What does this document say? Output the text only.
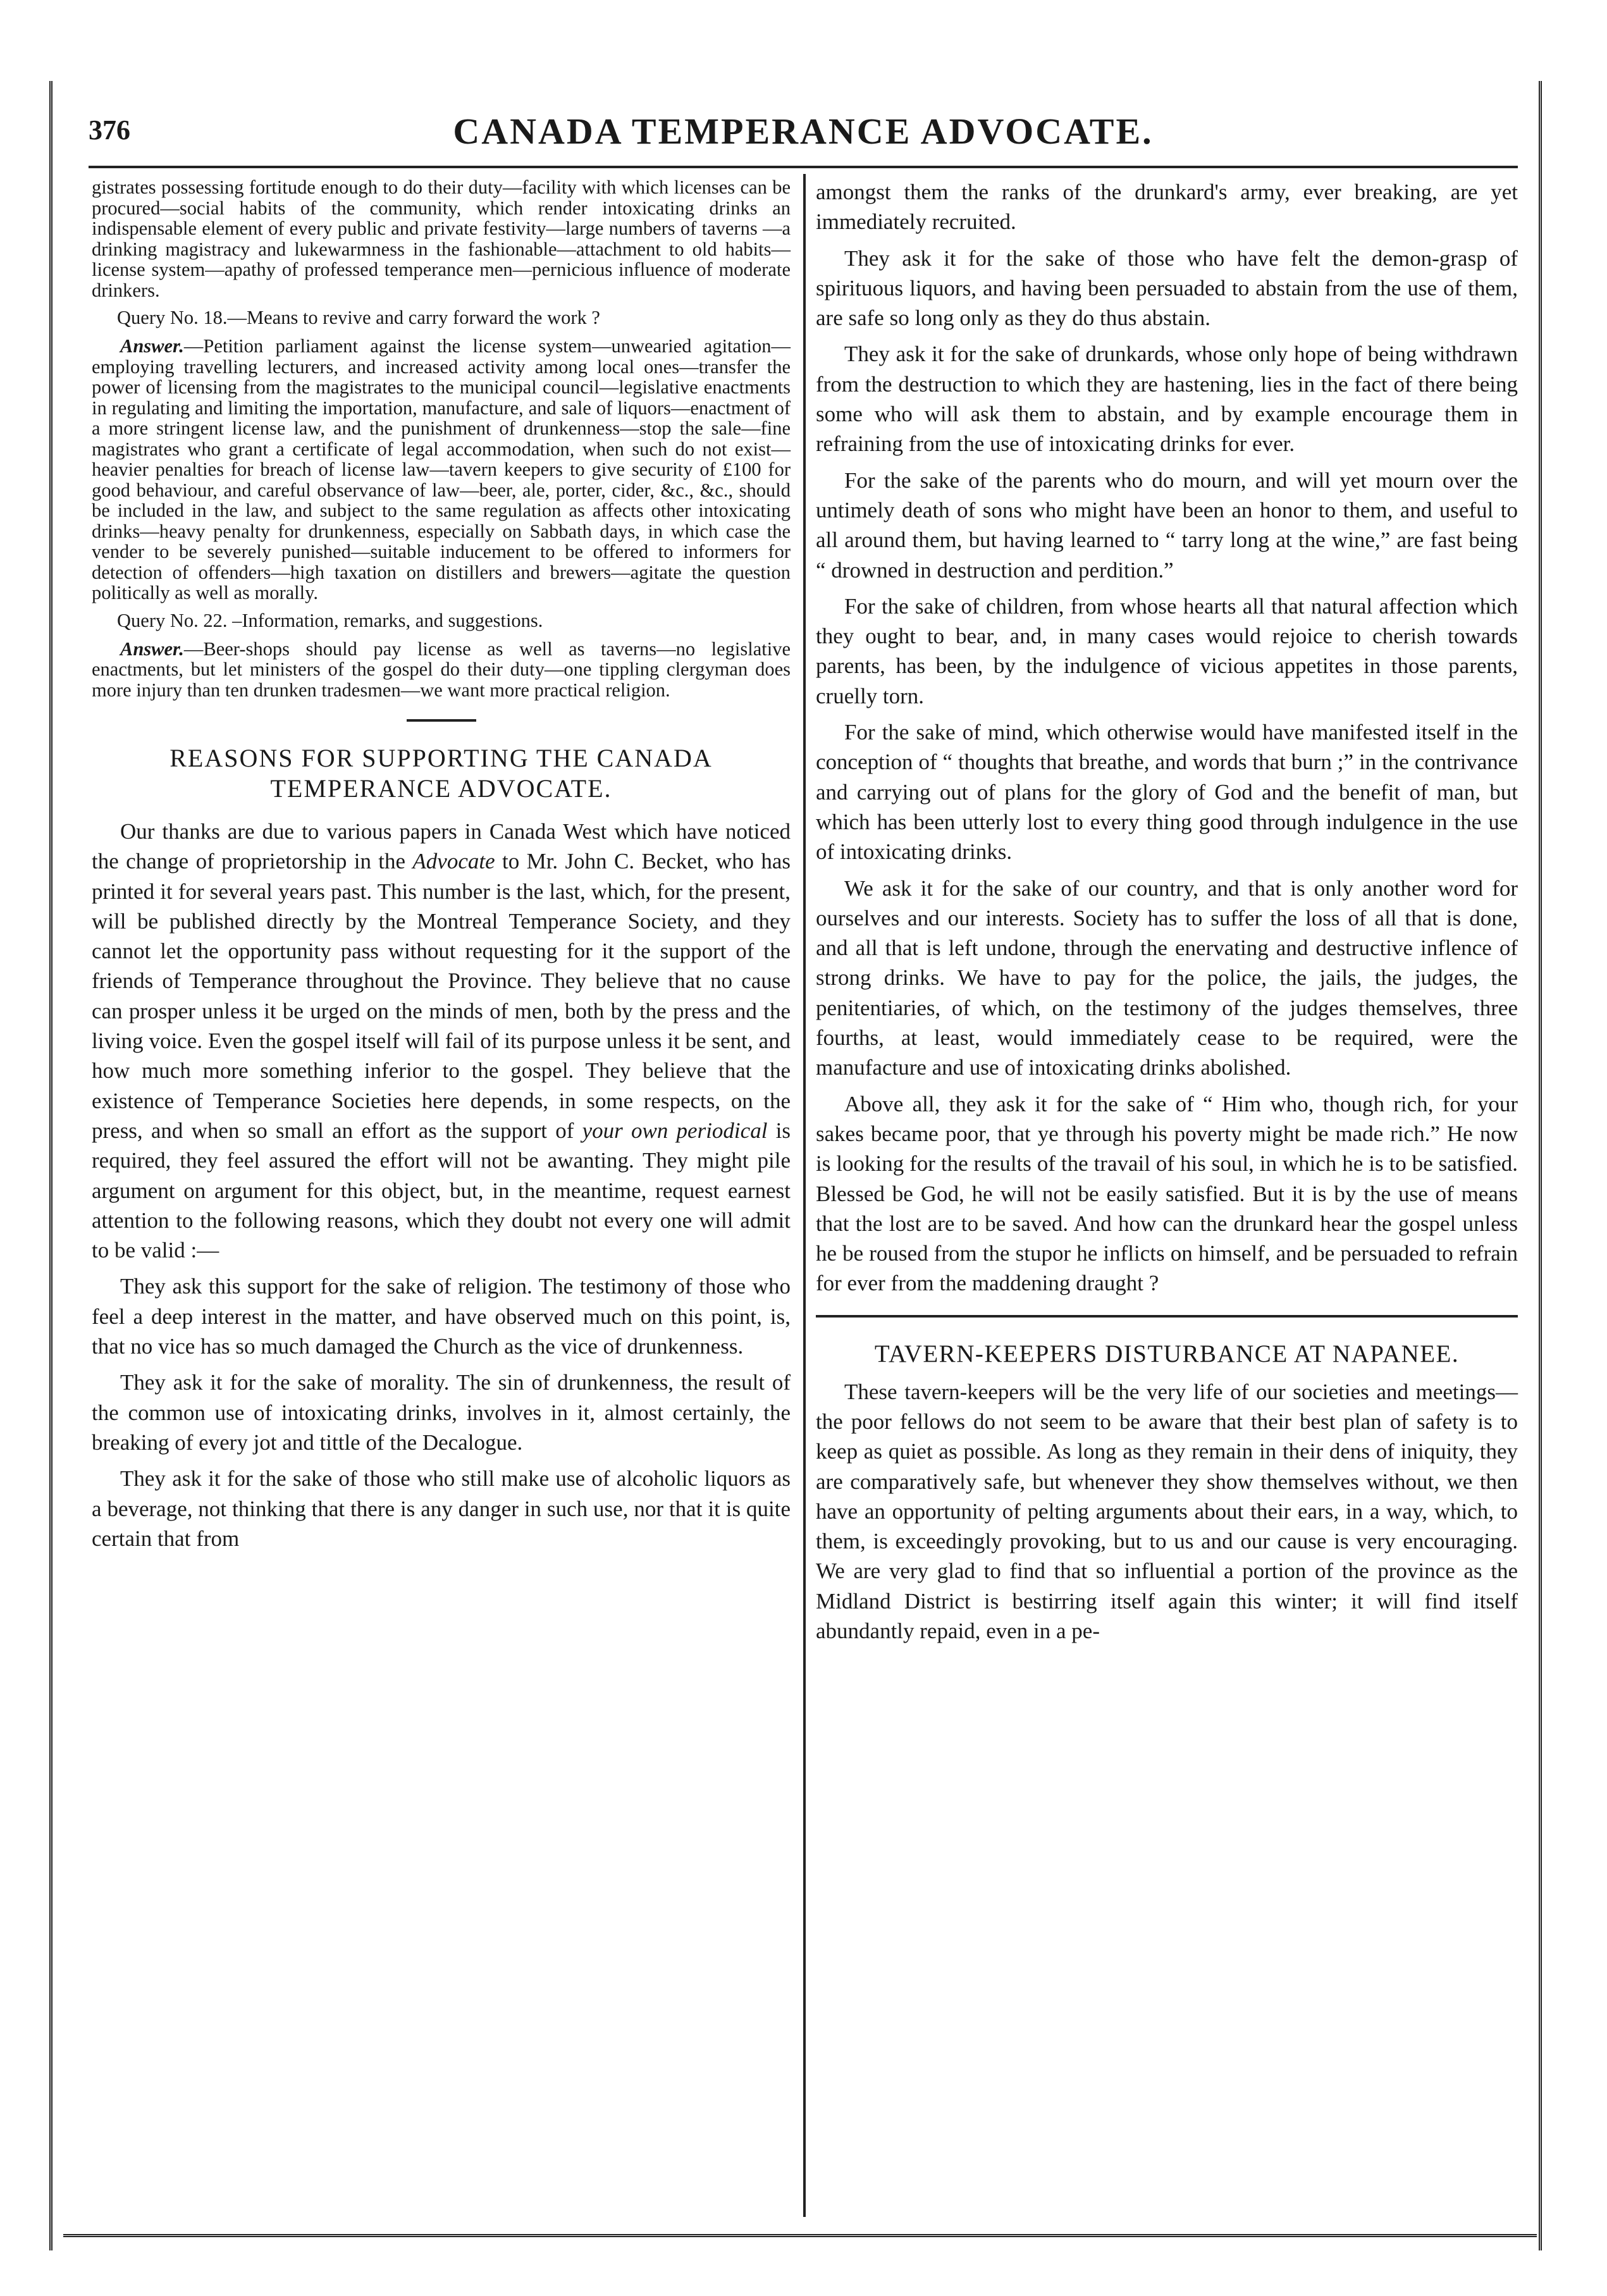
376	CANADA TEMPERANCE ADVOCATE.

gistrates possessing fortitude enough to do their duty—facility with which licenses can be procured—social habits of the community, which render intoxicating drinks an indispensable element of every public and private festivity—large numbers of taverns —a drinking magistracy and lukewarmness in the fashionable—attachment to old habits—license system—apathy of professed temperance men—pernicious influence of moderate drinkers.

Query No. 18.—Means to revive and carry forward the work ?

Answer.—Petition parliament against the license system—unwearied agitation—employing travelling lecturers, and increased activity among local ones—transfer the power of licensing from the magistrates to the municipal council—legislative enactments in regulating and limiting the importation, manufacture, and sale of liquors—enactment of a more stringent license law, and the punishment of drunkenness—stop the sale—fine magistrates who grant a certificate of legal accommodation, when such do not exist—heavier penalties for breach of license law—tavern keepers to give security of £100 for good behaviour, and careful observance of law—beer, ale, porter, cider, &c., &c., should be included in the law, and subject to the same regulation as affects other intoxicating drinks—heavy penalty for drunkenness, especially on Sabbath days, in which case the vender to be severely punished—suitable inducement to be offered to informers for detection of offenders—high taxation on distillers and brewers—agitate the question politically as well as morally.

Query No. 22. –Information, remarks, and suggestions.

Answer.—Beer-shops should pay license as well as taverns—no legislative enactments, but let ministers of the gospel do their duty—one tippling clergyman does more injury than ten drunken tradesmen—we want more practical religion.

REASONS FOR SUPPORTING THE CANADA
TEMPERANCE ADVOCATE.

Our thanks are due to various papers in Canada West which have noticed the change of proprietorship in the Advocate to Mr. John C. Becket, who has printed it for several years past. This number is the last, which, for the present, will be published directly by the Montreal Temperance Society, and they cannot let the opportunity pass without requesting for it the support of the friends of Temperance throughout the Province. They believe that no cause can prosper unless it be urged on the minds of men, both by the press and the living voice. Even the gospel itself will fail of its purpose unless it be sent, and how much more something inferior to the gospel. They believe that the existence of Temperance Societies here depends, in some respects, on the press, and when so small an effort as the support of your own periodical is required, they feel assured the effort will not be awanting. They might pile argument on argument for this object, but, in the meantime, request earnest attention to the following reasons, which they doubt not every one will admit to be valid :—

They ask this support for the sake of religion. The testimony of those who feel a deep interest in the matter, and have observed much on this point, is, that no vice has so much damaged the Church as the vice of drunkenness.

They ask it for the sake of morality. The sin of drunkenness, the result of the common use of intoxicating drinks, involves in it, almost certainly, the breaking of every jot and tittle of the Decalogue.

They ask it for the sake of those who still make use of alcoholic liquors as a beverage, not thinking that there is any danger in such use, nor that it is quite certain that from

amongst them the ranks of the drunkard's army, ever breaking, are yet immediately recruited.

They ask it for the sake of those who have felt the demon-grasp of spirituous liquors, and having been persuaded to abstain from the use of them, are safe so long only as they do thus abstain.

They ask it for the sake of drunkards, whose only hope of being withdrawn from the destruction to which they are hastening, lies in the fact of there being some who will ask them to abstain, and by example encourage them in refraining from the use of intoxicating drinks for ever.

For the sake of the parents who do mourn, and will yet mourn over the untimely death of sons who might have been an honor to them, and useful to all around them, but having learned to “ tarry long at the wine,” are fast being “ drowned in destruction and perdition.”

For the sake of children, from whose hearts all that natural affection which they ought to bear, and, in many cases would rejoice to cherish towards parents, has been, by the indulgence of vicious appetites in those parents, cruelly torn.

For the sake of mind, which otherwise would have manifested itself in the conception of “ thoughts that breathe, and words that burn ;” in the contrivance and carrying out of plans for the glory of God and the benefit of man, but which has been utterly lost to every thing good through indulgence in the use of intoxicating drinks.

We ask it for the sake of our country, and that is only another word for ourselves and our interests. Society has to suffer the loss of all that is done, and all that is left undone, through the enervating and destructive inflence of strong drinks. We have to pay for the police, the jails, the judges, the penitentiaries, of which, on the testimony of the judges themselves, three fourths, at least, would immediately cease to be required, were the manufacture and use of intoxicating drinks abolished.

Above all, they ask it for the sake of “ Him who, though rich, for your sakes became poor, that ye through his poverty might be made rich.” He now is looking for the results of the travail of his soul, in which he is to be satisfied. Blessed be God, he will not be easily satisfied. But it is by the use of means that the lost are to be saved. And how can the drunkard hear the gospel unless he be roused from the stupor he inflicts on himself, and be persuaded to refrain for ever from the maddening draught ?

TAVERN-KEEPERS DISTURBANCE AT NAPANEE.

These tavern-keepers will be the very life of our societies and meetings—the poor fellows do not seem to be aware that their best plan of safety is to keep as quiet as possible. As long as they remain in their dens of iniquity, they are comparatively safe, but whenever they show themselves without, we then have an opportunity of pelting arguments about their ears, in a way, which, to them, is exceedingly provoking, but to us and our cause is very encouraging. We are very glad to find that so influential a portion of the province as the Midland District is bestirring itself again this winter; it will find itself abundantly repaid, even in a pe-
